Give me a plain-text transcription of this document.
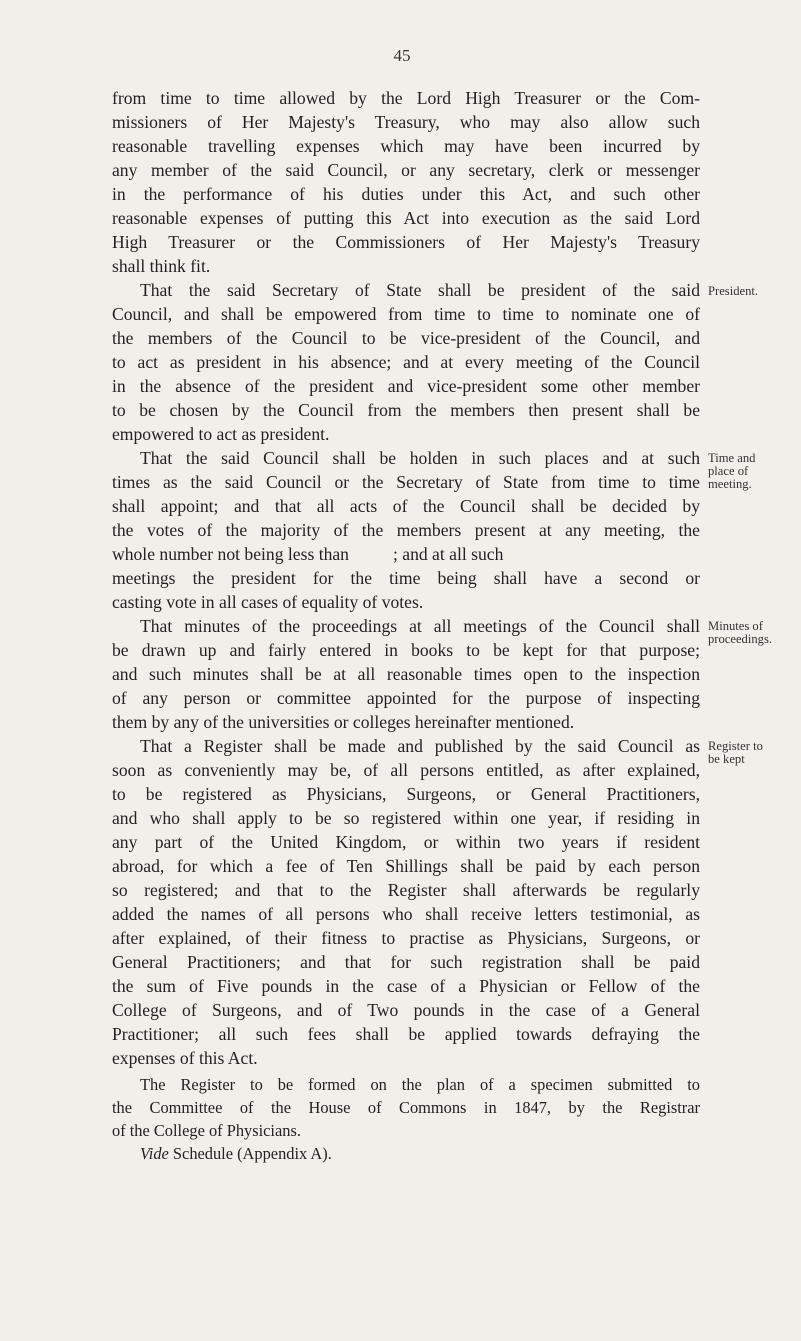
45
from time to time allowed by the Lord High Treasurer or the Com-
missioners of Her Majesty's Treasury, who may also allow such
reasonable travelling expenses which may have been incurred by
any member of the said Council, or any secretary, clerk or messenger
in the performance of his duties under this Act, and such other
reasonable expenses of putting this Act into execution as the said Lord
High Treasurer or the Commissioners of Her Majesty's Treasury
shall think fit.
That the said Secretary of State shall be president of the said
Council, and shall be empowered from time to time to nominate one of
the members of the Council to be vice-president of the Council, and
to act as president in his absence; and at every meeting of the Council
in the absence of the president and vice-president some other member
to be chosen by the Council from the members then present shall be
empowered to act as president.
That the said Council shall be holden in such places and at such
times as the said Council or the Secretary of State from time to time
shall appoint; and that all acts of the Council shall be decided by
the votes of the majority of the members present at any meeting, the
whole number not being less than          ; and at all such
meetings the president for the time being shall have a second or
casting vote in all cases of equality of votes.
That minutes of the proceedings at all meetings of the Council shall
be drawn up and fairly entered in books to be kept for that purpose;
and such minutes shall be at all reasonable times open to the inspection
of any person or committee appointed for the purpose of inspecting
them by any of the universities or colleges hereinafter mentioned.
That a Register shall be made and published by the said Council as
soon as conveniently may be, of all persons entitled, as after explained,
to be registered as Physicians, Surgeons, or General Practitioners,
and who shall apply to be so registered within one year, if residing in
any part of the United Kingdom, or within two years if resident
abroad, for which a fee of Ten Shillings shall be paid by each person
so registered; and that to the Register shall afterwards be regularly
added the names of all persons who shall receive letters testimonial, as
after explained, of their fitness to practise as Physicians, Surgeons, or
General Practitioners; and that for such registration shall be paid
the sum of Five pounds in the case of a Physician or Fellow of the
College of Surgeons, and of Two pounds in the case of a General
Practitioner; all such fees shall be applied towards defraying the
expenses of this Act.
The Register to be formed on the plan of a specimen submitted to
the Committee of the House of Commons in 1847, by the Registrar
of the College of Physicians.
Vide Schedule (Appendix A).
President.
Time and
place of
meeting.
Minutes of
proceedings.
Register to
be kept
